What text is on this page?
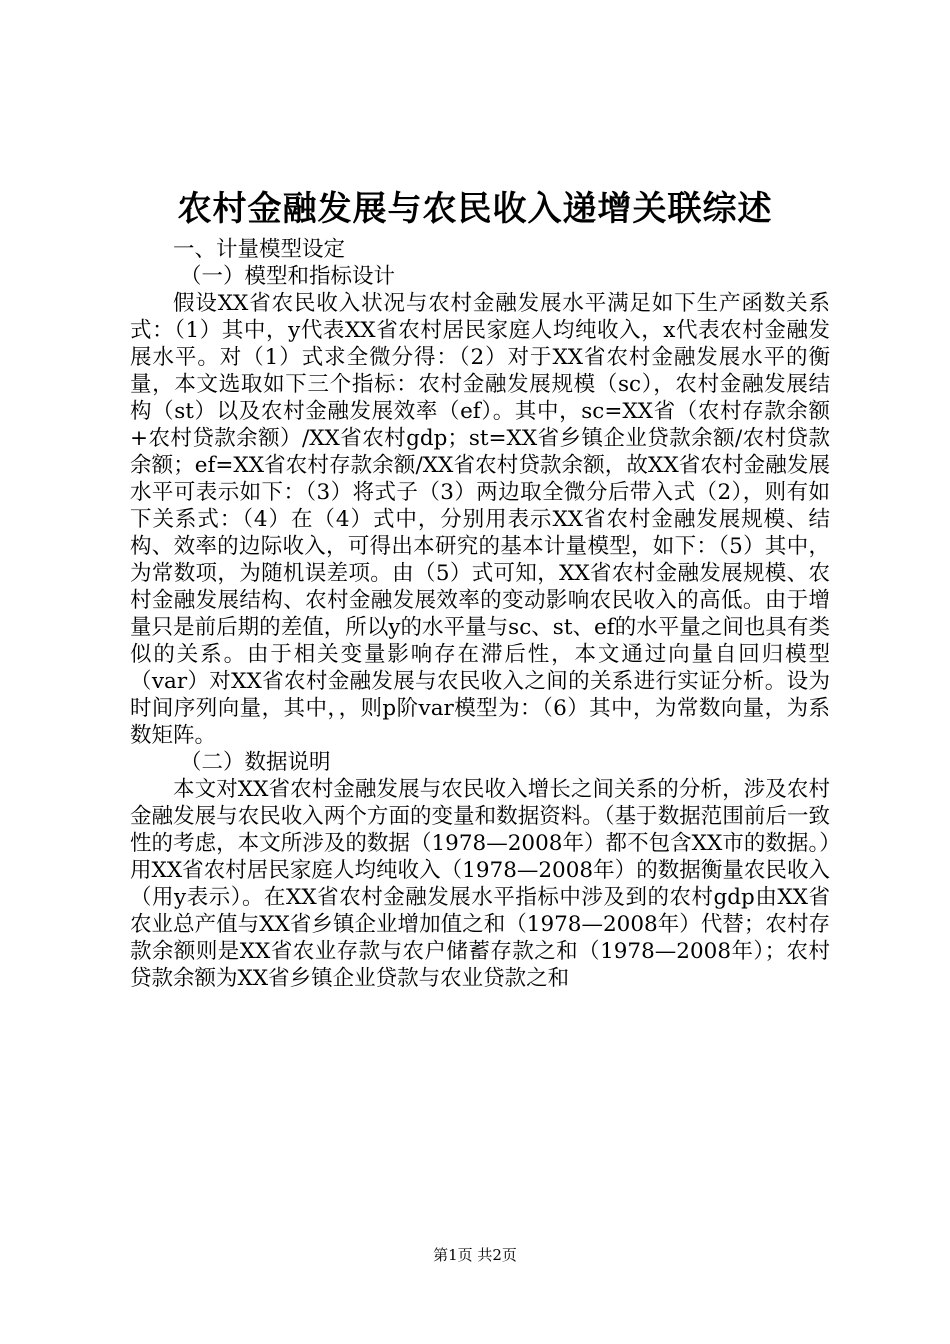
农村金融发展与农民收入递增关联综述
一、计量模型设定
（一）模型和指标设计

假设XX省农民收入状况与农村金融发展水平满足如下生产函数关系式：（1）其中，y代表XX省农村居民家庭人均纯收入，x代表农村金融发展水平。对（1）式求全微分得：（2）对于XX省农村金融发展水平的衡量，本文选取如下三个指标：农村金融发展规模（sc），农村金融发展结构（st）以及农村金融发展效率（ef）。其中，sc=XX省（农村存款余额+农村贷款余额）/XX省农村gdp；st=XX省乡镇企业贷款余额/农村贷款余额；ef=XX省农村存款余额/XX省农村贷款余额，故XX省农村金融发展水平可表示如下：（3）将式子（3）两边取全微分后带入式（2），则有如下关系式：（4）在（4）式中，分别用表示XX省农村金融发展规模、结构、效率的边际收入，可得出本研究的基本计量模型，如下：（5）其中，为常数项，为随机误差项。由（5）式可知，XX省农村金融发展规模、农村金融发展结构、农村金融发展效率的变动影响农民收入的高低。由于增量只是前后期的差值，所以y的水平量与sc、st、ef的水平量之间也具有类似的关系。由于相关变量影响存在滞后性，本文通过向量自回归模型（var）对XX省农村金融发展与农民收入之间的关系进行实证分析。设为时间序列向量，其中，，则p阶var模型为：（6）其中，为常数向量，为系数矩阵。

（二）数据说明

本文对XX省农村金融发展与农民收入增长之间关系的分析，涉及农村金融发展与农民收入两个方面的变量和数据资料。（基于数据范围前后一致性的考虑，本文所涉及的数据（1978—2008年）都不包含XX市的数据。）用XX省农村居民家庭人均纯收入（1978—2008年）的数据衡量农民收入（用y表示）。在XX省农村金融发展水平指标中涉及到的农村gdp由XX省农业总产值与XX省乡镇企业增加值之和（1978—2008年）代替；农村存款余额则是XX省农业存款与农户储蓄存款之和（1978—2008年）；农村贷款余额为XX省乡镇企业贷款与农业贷款之和

第1页 共2页
